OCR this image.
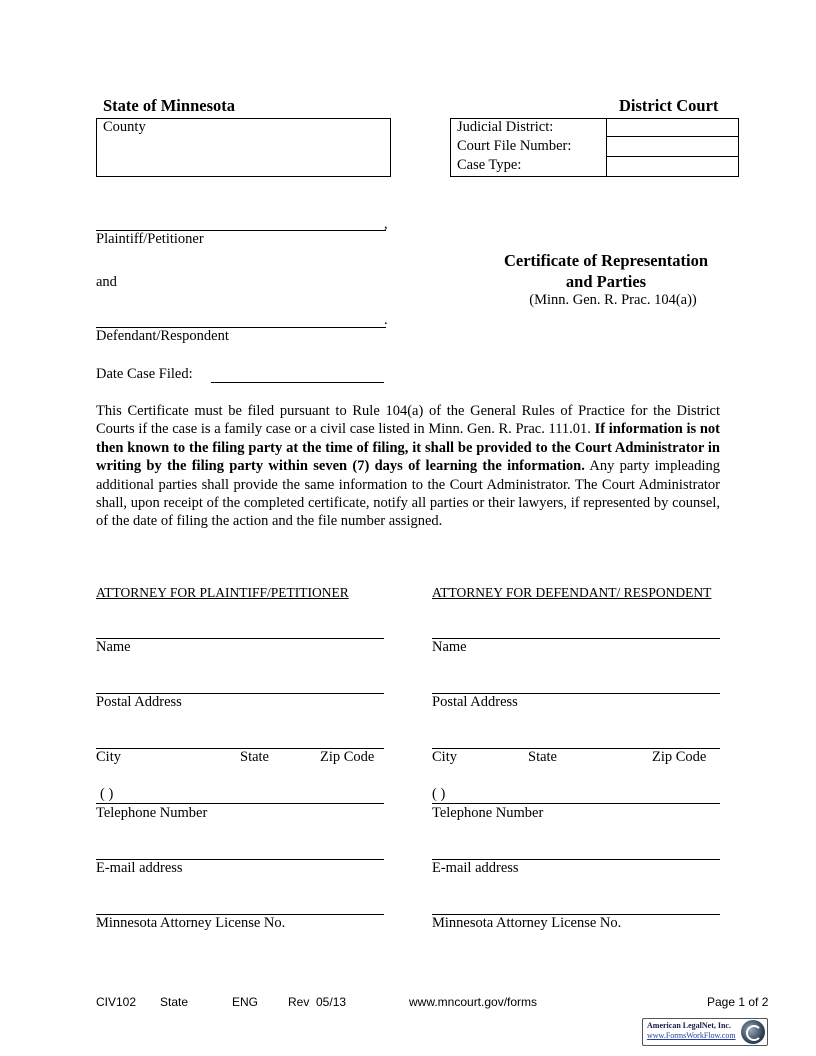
State of Minnesota	District Court
County	Judicial District:
Court File Number:
Case Type:
,
Plaintiff/Petitioner
and
.
Defendant/Respondent
Date Case Filed:
Certificate of Representation
and Parties
(Minn. Gen. R. Prac. 104(a))
This Certificate must be filed pursuant to Rule 104(a) of the General Rules of Practice for the District Courts if the case is a family case or a civil case listed in Minn. Gen. R. Prac. 111.01. If information is not then known to the filing party at the time of filing, it shall be provided to the Court Administrator in writing by the filing party within seven (7) days of learning the information. Any party impleading additional parties shall provide the same information to the Court Administrator. The Court Administrator shall, upon receipt of the completed certificate, notify all parties or their lawyers, if represented by counsel, of the date of filing the action and the file number assigned.
ATTORNEY FOR PLAINTIFF/PETITIONER
Name
Postal Address
City	State	Zip Code
( )
Telephone Number
E-mail address
Minnesota Attorney License No.
ATTORNEY FOR DEFENDANT/ RESPONDENT
Name
Postal Address
City	State	Zip Code
( )
Telephone Number
E-mail address
Minnesota Attorney License No.
CIV102 State	ENG Rev  05/13	www.mncourt.gov/forms	Page 1 of 2
American LegalNet, Inc.
www.FormsWorkFlow.com
